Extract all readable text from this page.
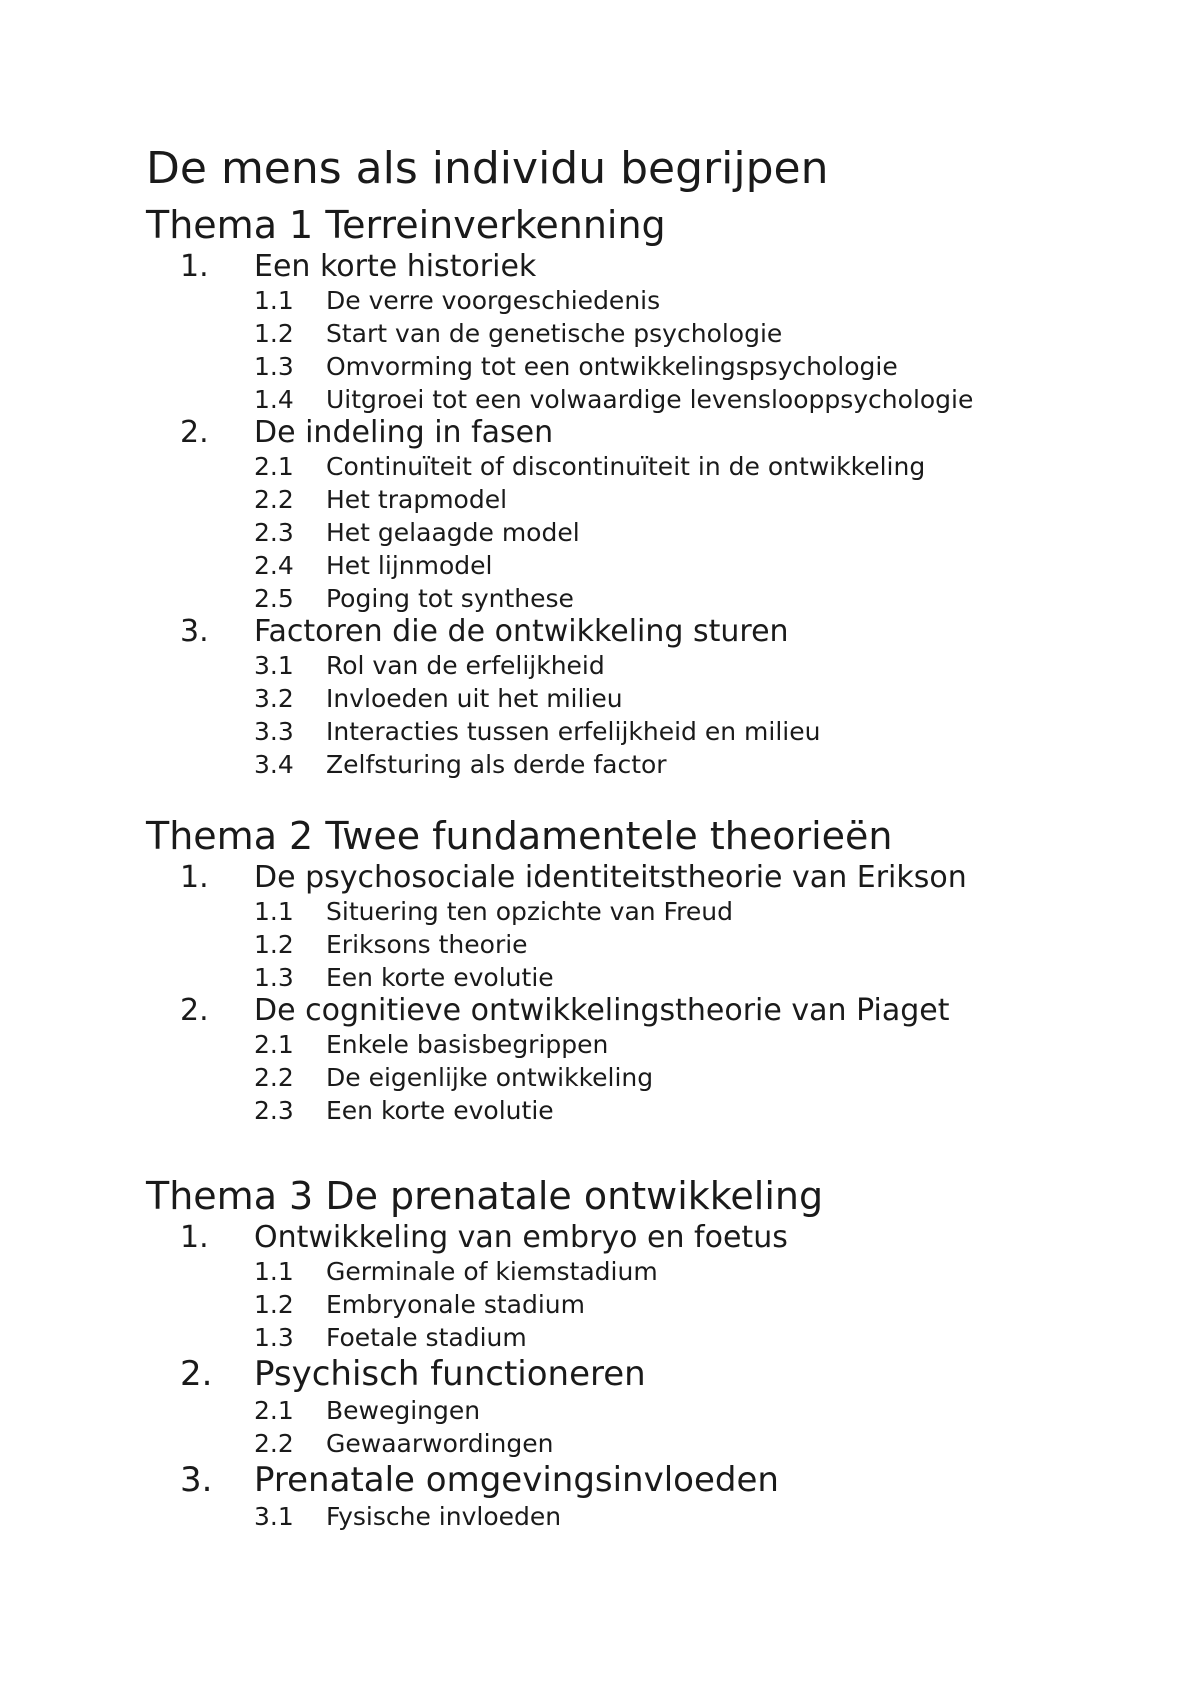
De mens als individu begrijpen
Thema 1 Terreinverkenning
1.	Een korte historiek
1.1	De verre voorgeschiedenis
1.2	Start van de genetische psychologie
1.3	Omvorming tot een ontwikkelingspsychologie
1.4	Uitgroei tot een volwaardige levenslooppsychologie
2.	De indeling in fasen
2.1	Continuïteit of discontinuïteit in de ontwikkeling
2.2	Het trapmodel
2.3	Het gelaagde model
2.4	Het lijnmodel
2.5	Poging tot synthese
3.	Factoren die de ontwikkeling sturen
3.1	Rol van de erfelijkheid
3.2	Invloeden uit het milieu
3.3	Interacties tussen erfelijkheid en milieu
3.4	Zelfsturing als derde factor
Thema 2 Twee fundamentele theorieën
1.	De psychosociale identiteitstheorie van Erikson
1.1	Situering ten opzichte van Freud
1.2	Eriksons theorie
1.3	Een korte evolutie
2.	De cognitieve ontwikkelingstheorie van Piaget
2.1	Enkele basisbegrippen
2.2	De eigenlijke ontwikkeling
2.3	Een korte evolutie
Thema 3 De prenatale ontwikkeling
1.	Ontwikkeling van embryo en foetus
1.1	Germinale of kiemstadium
1.2	Embryonale stadium
1.3	Foetale stadium
2.	Psychisch functioneren
2.1	Bewegingen
2.2	Gewaarwordingen
3.	Prenatale omgevingsinvloeden
3.1	Fysische invloeden
